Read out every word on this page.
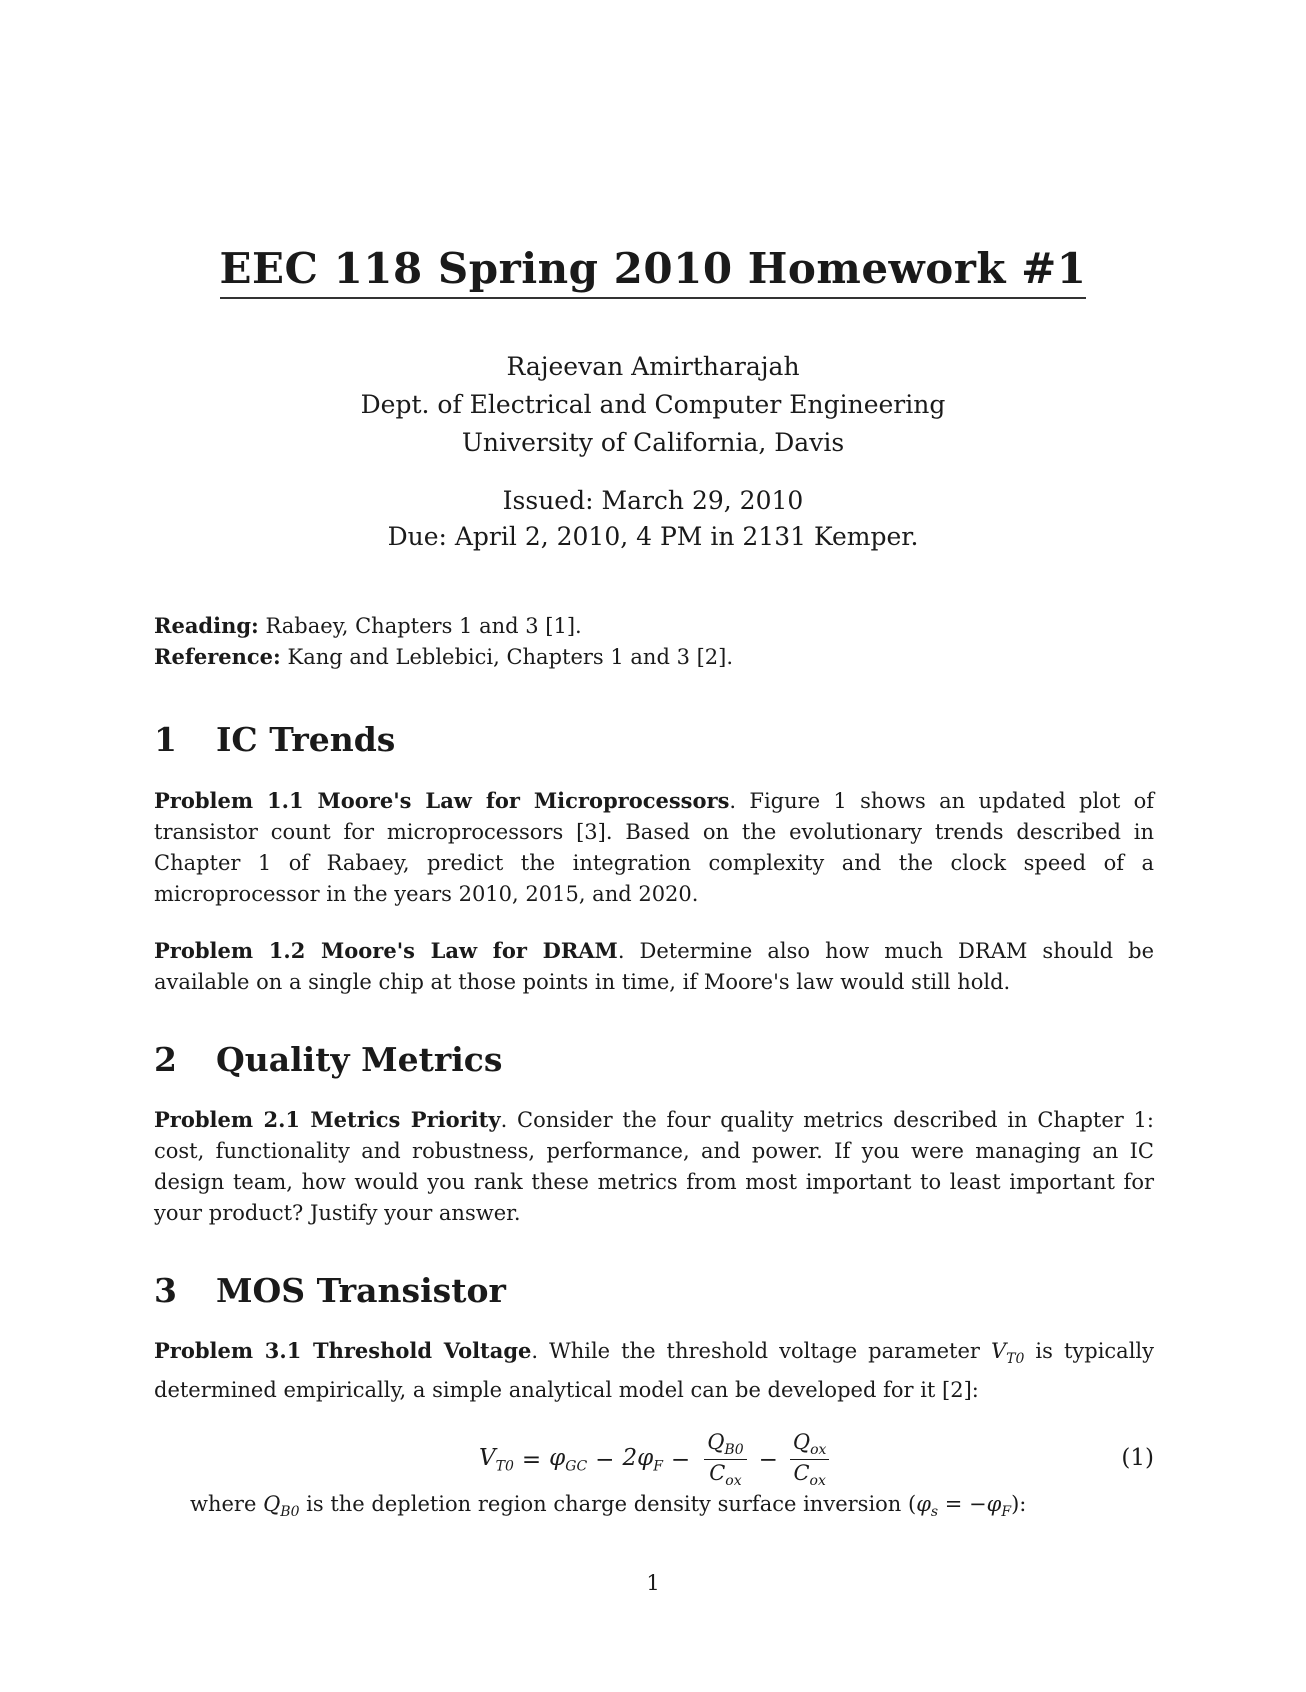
EEC 118 Spring 2010 Homework #1
Rajeevan Amirtharajah
Dept. of Electrical and Computer Engineering
University of California, Davis
Issued: March 29, 2010
Due: April 2, 2010, 4 PM in 2131 Kemper.
Reading: Rabaey, Chapters 1 and 3 [1].
Reference: Kang and Leblebici, Chapters 1 and 3 [2].
1 IC Trends
Problem 1.1 Moore's Law for Microprocessors. Figure 1 shows an updated plot of transistor count for microprocessors [3]. Based on the evolutionary trends described in Chapter 1 of Rabaey, predict the integration complexity and the clock speed of a microprocessor in the years 2010, 2015, and 2020.
Problem 1.2 Moore's Law for DRAM. Determine also how much DRAM should be available on a single chip at those points in time, if Moore's law would still hold.
2 Quality Metrics
Problem 2.1 Metrics Priority. Consider the four quality metrics described in Chapter 1: cost, functionality and robustness, performance, and power. If you were managing an IC design team, how would you rank these metrics from most important to least important for your product? Justify your answer.
3 MOS Transistor
Problem 3.1 Threshold Voltage. While the threshold voltage parameter $V_{T0}$ is typically determined empirically, a simple analytical model can be developed for it [2]:
$V_{T0} = \varphi_{GC} - 2\varphi_F - \frac{Q_{B0}}{C_{ox}} - \frac{Q_{ox}}{C_{ox}}$	(1)
where $Q_{B0}$ is the depletion region charge density surface inversion $(\varphi_s = -\varphi_F)$:
1
